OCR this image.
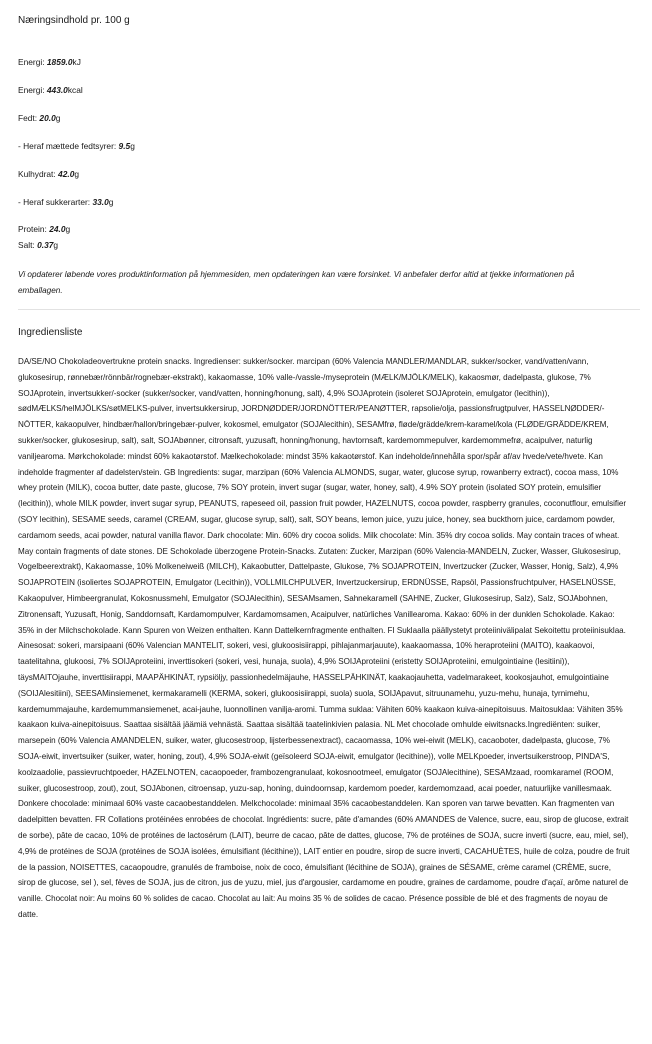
Næringsindhold pr. 100 g
Energi: 1859.0kJ
Energi: 443.0kcal
Fedt: 20.0g
- Heraf mættede fedtsyrer: 9.5g
Kulhydrat: 42.0g
- Heraf sukkerarter: 33.0g
Protein: 24.0g
Salt: 0.37g
Vi opdaterer løbende vores produktinformation på hjemmesiden, men opdateringen kan være forsinket. Vi anbefaler derfor altid at tjekke informationen på emballagen.
Ingrediensliste
DA/SE/NO Chokoladeovertrukne protein snacks. Ingredienser: sukker/socker. marcipan (60% Valencia MANDLER/MANDLAR, sukker/socker, vand/vatten/vann, glukosesirup, rønnebær/rönnbär/rognebær-ekstrakt), kakaomasse, 10% valle-/vassle-/myseprotein (MÆLK/MJÖLK/MELK), kakaosmør, dadelpasta, glukose, 7% SOJAprotein, invertsukker/-socker (sukker/socker, vand/vatten, honning/honung, salt), 4,9% SOJAprotein (isoleret SOJAprotein, emulgator (lecithin)), sødMÆLKS/helMJÖLKS/søtMELKS-pulver, invertsukkersirup, JORDNØDDER/JORDNÖTTER/PEANØTTER, rapsolie/olja, passionsfrugtpulver, HASSELNØDDER/-NÖTTER, kakaopulver, hindbær/hallon/bringebær-pulver, kokosmel, emulgator (SOJAlecithin), SESAMfrø, fløde/grädde/krem-karamel/kola (FLØDE/GRÄDDE/KREM, sukker/socker, glukosesirup, salt), salt, SOJAbønner, citronsaft, yuzusaft, honning/honung, havtornsaft, kardemommepulver, kardemommefrø, acaipulver, naturlig vaniljearoma. Mørkchokolade: mindst 60% kakaotørstof. Mælkechokolade: mindst 35% kakaotørstof. Kan indeholde/innehålla spor/spår af/av hvede/vete/hvete. Kan indeholde fragmenter af dadelsten/stein. GB Ingredients: sugar, marzipan (60% Valencia ALMONDS, sugar, water, glucose syrup, rowanberry extract), cocoa mass, 10% whey protein (MILK), cocoa butter, date paste, glucose, 7% SOY protein, invert sugar (sugar, water, honey, salt), 4.9% SOY protein (isolated SOY protein, emulsifier (lecithin)), whole MILK powder, invert sugar syrup, PEANUTS, rapeseed oil, passion fruit powder, HAZELNUTS, cocoa powder, raspberry granules, coconutflour, emulsifier (SOY lecithin), SESAME seeds, caramel (CREAM, sugar, glucose syrup, salt), salt, SOY beans, lemon juice, yuzu juice, honey, sea buckthorn juice, cardamom powder, cardamom seeds, acai powder, natural vanilla flavor. Dark chocolate: Min. 60% dry cocoa solids. Milk chocolate: Min. 35% dry cocoa solids. May contain traces of wheat. May contain fragments of date stones. DE Schokolade überzogene Protein-Snacks. Zutaten: Zucker, Marzipan (60% Valencia-MANDELN, Zucker, Wasser, Glukosesirup, Vogelbeerextrakt), Kakaomasse, 10% Molkeneiweiß (MILCH), Kakaobutter, Dattelpaste, Glukose, 7% SOJAPROTEIN, Invertzucker (Zucker, Wasser, Honig, Salz), 4,9% SOJAPROTEIN (isoliertes SOJAPROTEIN, Emulgator (Lecithin)), VOLLMILCHPULVER, Invertzuckersirup, ERDNÜSSE, Rapsöl, Passionsfruchtpulver, HASELNÜSSE, Kakaopulver, Himbeergranulat, Kokosnussmehl, Emulgator (SOJAlecithin), SESAMsamen, Sahnekaramell (SAHNE, Zucker, Glukosesirup, Salz), Salz, SOJAbohnen, Zitronensaft, Yuzusaft, Honig, Sanddornsaft, Kardamompulver, Kardamomsamen, Acaipulver, natürliches Vanillearoma. Kakao: 60% in der dunklen Schokolade. Kakao: 35% in der Milchschokolade. Kann Spuren von Weizen enthalten. Kann Dattelkernfragmente enthalten. FI Suklaalla päällystetyt proteiinivälipalat Sekoitettu proteiinisuklaa. Ainesosat: sokeri, marsipaani (60% Valencian MANTELIT, sokeri, vesi, glukoosisiirappi, pihlajanmarjauute), kaakaomassa, 10% heraproteiini (MAITO), kaakaovoi, taatelitahna, glukoosi, 7% SOIJAproteiini, inverttisokeri (sokeri, vesi, hunaja, suola), 4,9% SOIJAproteiini (eristetty SOIJAproteiini, emulgointiaine (lesitiini)), täysMAITOjauhe, inverttisiirappi, MAAPÄHKINÄT, rypsiöljy, passionhedelmäjauhe, HASSELPÄHKINÄT, kaakaojauhetta, vadelmarakeet, kookosjauhot, emulgointiaine (SOIJAlesitiini), SEESAMinsiemenet, kermakaramelli (KERMA, sokeri, glukoosisiirappi, suola) suola, SOIJApavut, sitruunamehu, yuzu-mehu, hunaja, tyrnimehu, kardemummajauhe, kardemummansiemenet, acai-jauhe, luonnollinen vanilja-aromi. Tumma suklaa: Vähiten 60% kaakaon kuiva-ainepitoisuus. Maitosuklaa: Vähiten 35% kaakaon kuiva-ainepitoisuus. Saattaa sisältää jäämiä vehnästä. Saattaa sisältää taatelinkivien palasia. NL Met chocolade omhulde eiwitsnacks.Ingrediënten: suiker, marsepein (60% Valencia AMANDELEN, suiker, water, glucosestroop, lijsterbessenextract), cacaomassa, 10% wei-eiwit (MELK), cacaoboter, dadelpasta, glucose, 7% SOJA-eiwit, invertsuiker (suiker, water, honing, zout), 4,9% SOJA-eiwit (geïsoleerd SOJA-eiwit, emulgator (lecithine)), volle MELKpoeder, invertsuikerstroop, PINDA'S, koolzaadolie, passievruchtpoeder, HAZELNOTEN, cacaopoeder, frambozengranulaat, kokosnootmeel, emulgator (SOJAlecithine), SESAMzaad, roomkaramel (ROOM, suiker, glucosestroop, zout), zout, SOJAbonen, citroensap, yuzu-sap, honing, duindoornsap, kardemom poeder, kardemomzaad, acai poeder, natuurlijke vanillesmaak. Donkere chocolade: minimaal 60% vaste cacaobestanddelen. Melkchocolade: minimaal 35% cacaobestanddelen. Kan sporen van tarwe bevatten. Kan fragmenten van dadelpitten bevatten. FR Collations protéinées enrobées de chocolat. Ingrédients: sucre, pâte d'amandes (60% AMANDES de Valence, sucre, eau, sirop de glucose, extrait de sorbe), pâte de cacao, 10% de protéines de lactosérum (LAIT), beurre de cacao, pâte de dattes, glucose, 7% de protéines de SOJA, sucre inverti (sucre, eau, miel, sel), 4,9% de protéines de SOJA (protéines de SOJA isolées, émulsifiant (lécithine)), LAIT entier en poudre, sirop de sucre inverti, CACAHUÈTES, huile de colza, poudre de fruit de la passion, NOISETTES, cacaopoudre, granulés de framboise, noix de coco, émulsifiant (lécithine de SOJA), graines de SÉSAME, crème caramel (CRÈME, sucre, sirop de glucose, sel ), sel, fèves de SOJA, jus de citron, jus de yuzu, miel, jus d'argousier, cardamome en poudre, graines de cardamome, poudre d'açaï, arôme naturel de vanille. Chocolat noir: Au moins 60 % solides de cacao. Chocolat au lait: Au moins 35 % de solides de cacao. Présence possible de blé et des fragments de noyau de datte.
